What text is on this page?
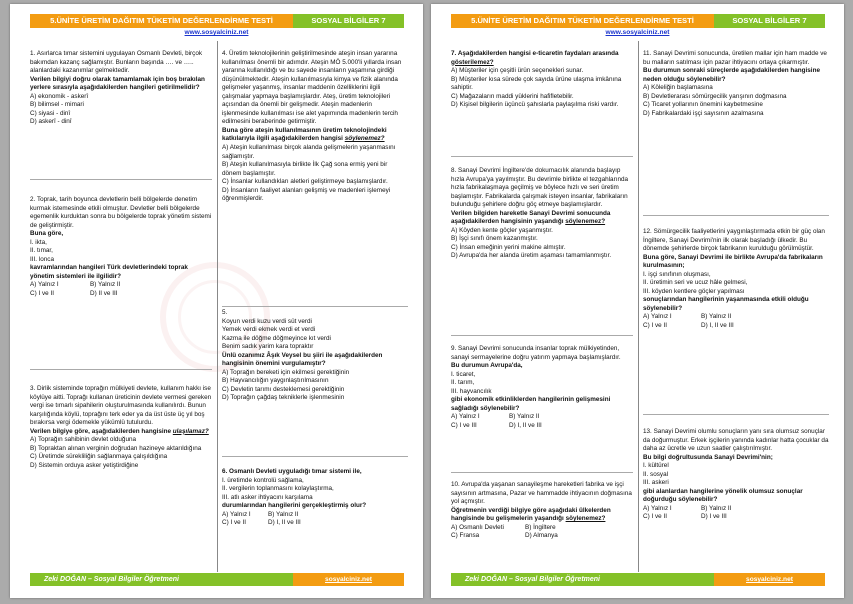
5.ÜNİTE ÜRETİM DAĞITIM TÜKETİM DEĞERLENDİRME TESTİ	SOSYAL BİLGİLER 7
www.sosyalciniz.net

1. Asırlarca tımar sistemini uygulayan Osmanlı Devleti, birçok bakımdan kazanç sağlamıştır. Bunların başında …. ve ….. alanlardaki kazanımlar gelmektedir.

Verilen bilgiyi doğru olarak tamamlamak için boş bırakılan yerlere sırasıyla aşağıdakilerden hangileri getirilmelidir?

A) ekonomik - askerî

B) bilimsel - mimari

C) siyasi - dinî

D) askerî - dinî

2. Toprak, tarih boyunca devletlerin belli bölgelerde denetim kurmak istemesinde etkili olmuştur. Devletler belli bölgelerde egemenlik kurduktan sonra bu bölgelerde toprak yönetim sistemi de geliştirmiştir.

Buna göre,

I. ikta,

II. tımar,

III. lonca

kavramlarından hangileri Türk devletlerindeki toprak yönetim sistemleri ile ilgilidir?

A) Yalnız I	B) Yalnız II
C) I ve II	D) II ve III

3. Dirlik sisteminde toprağın mülkiyeti devlete, kullanım hakkı ise köylüye aitti. Toprağı kullanan üreticinin devlete vermesi gereken vergi ise tımarlı sipahilerin oluşturulmasında kullanılırdı. Bunun karşılığında köylü, toprağını terk eder ya da üst üste üç yıl boş bırakırsa vergi ödemekle yükümlü tutulurdu.

Verilen bilgiye göre, aşağıdakilerden hangisine ulaşılamaz?

A) Toprağın sahibinin devlet olduğuna

B) Topraktan alınan verginin doğrudan hazineye aktarıldığına

C) Üretimde sürekliliğin sağlanmaya çalışıldığına

D) Sistemin orduya asker yetiştirdiğine

4. Üretim teknolojilerinin geliştirilmesinde ateşin insan yararına kullanılması önemli bir adımdır. Ateşin MÖ 5.000'li yıllarda insan yararına kullanıldığı ve bu sayede insanların yaşamına girdiği düşünülmektedir. Ateşin kullanılmasıyla kimya ve fizik alanında gelişmeler yaşanmış, insanlar maddenin özelliklerini ilgili çalışmalar yapmaya başlamışlardır. Ateş, üretim teknolojileri açısından da önemli bir gelişmedir. Ateşin madenlerin işlenmesinde kullanılması ise alet yapımında madenlerin tercih edilmesini beraberinde getirmiştir.

Buna göre ateşin kullanılmasının üretim teknolojindeki katkılarıyla ilgili aşağıdakilerden hangisi söylenemez?

A) Ateşin kullanılması birçok alanda gelişmelerin yaşanmasını sağlamıştır.

B) Ateşin kullanılmasıyla birlikte İlk Çağ sona ermiş yeni bir dönem başlamıştır.

C) İnsanlar kullandıkları aletleri geliştirmeye başlamışlardır.

D) İnsanların faaliyet alanları gelişmiş ve madenleri işlemeyi öğrenmişlerdir.

5.

Koyun verdi kuzu verdi süt verdi

Yemek verdi ekmek verdi et verdi

Kazma ile döğme döğmeyince kıt verdi

Benim sadık yarim kara topraktır

Ünlü ozanımız Âşık Veysel bu şiiri ile aşağıdakilerden hangisinin önemini vurgulamıştır?

A) Toprağın bereketi için ekilmesi gerektiğinin

B) Hayvancılığın yaygınlaştırılmasının

C) Devletin tarımı desteklemesi gerektiğinin

D) Toprağın çağdaş tekniklerle işlenmesinin

6. Osmanlı Devleti uyguladığı tımar sistemi ile,

I. üretimde kontrolü sağlama,

II. vergilerin toplanmasını kolaylaştırma,

III. atlı asker ihtiyacını karşılama

durumlarından hangilerini gerçekleştirmiş olur?

A) Yalnız I	B) Yalnız II
C) I ve II	D) I, II ve III
Zeki DOĞAN – Sosyal Bilgiler Öğretmeni	sosyalciniz.net
5.ÜNİTE ÜRETİM DAĞITIM TÜKETİM DEĞERLENDİRME TESTİ	SOSYAL BİLGİLER 7
www.sosyalciniz.net

7. Aşağıdakilerden hangisi e-ticaretin faydaları arasında gösterilemez?

A) Müşteriler için çeşitli ürün seçenekleri sunar.

B) Müşteriler kısa sürede çok sayıda ürüne ulaşma imkânına sahiptir.

C) Mağazaların maddi yüklerini hafifletebilir.

D) Kişisel bilgilerin üçüncü şahıslarla paylaşılma riski vardır.

8. Sanayi Devrimi İngiltere'de dokumacılık alanında başlayıp hızla Avrupa'ya yayılmıştır. Bu devrimle birlikte el tezgahlarında hızla fabrikalaşmaya geçilmiş ve böylece hızlı ve seri üretim başlamıştır. Fabrikalarda çalışmak isteyen insanlar, fabrikaların bulunduğu şehirlere doğru göç etmeye başlamışlardır.

Verilen bilgiden hareketle Sanayi Devrimi sonucunda aşağıdakilerden hangisinin yaşandığı söylenemez?

A) Köyden kente göçler yaşanmıştır.

B) İşçi sınıfı önem kazanmıştır.

C) İnsan emeğinin yerini makine almıştır.

D) Avrupa'da her alanda üretim aşaması tamamlanmıştır.

9. Sanayi Devrimi sonucunda insanlar toprak mülkiyetinden, sanayi sermayelerine doğru yatırım yapmaya başlamışlardır.

Bu durumun Avrupa'da,

I. ticaret,

II. tarım,

III. hayvancılık

gibi ekonomik etkinliklerden hangilerinin gelişmesini sağladığı söylenebilir?

A) Yalnız I	B) Yalnız II
C) I ve III	D) I, II ve III

10. Avrupa'da yaşanan sanayileşme hareketleri fabrika ve işçi sayısının artmasına, Pazar ve hammadde ihtiyacının doğmasına yol açmıştır.

Öğretmenin verdiği bilgiye göre aşağıdaki ülkelerden hangisinde bu gelişmelerin yaşandığı söylenemez?

A) Osmanlı Devleti	B) İngiltere
C) Fransa	D) Almanya

11. Sanayi Devrimi sonucunda, üretilen mallar için ham madde ve bu malların satılması için pazar ihtiyacını ortaya çıkarmıştır.

Bu durumun sonraki süreçlerde aşağıdakilerden hangisine neden olduğu söylenebilir?

A) Köleliğin başlamasına

B) Devletlerarası sömürgecilik yarışının doğmasına

C) Ticaret yollarının önemini kaybetmesine

D) Fabrikalardaki işçi sayısının azalmasına

12. Sömürgecilik faaliyetlerini yaygınlaştırmada etkin bir güç olan İngiltere, Sanayi Devrimi'nin ilk olarak başladığı ülkedir. Bu dönemde şehirlerde birçok fabrikanın kurulduğu görülmüştür.

Buna göre, Sanayi Devrimi ile birlikte Avrupa'da fabrikaların kurulmasının;

I. işçi sınıfının oluşması,

II. üretimin seri ve ucuz hâle gelmesi,

III. köyden kentlere göçler yapılması

sonuçlarından hangilerinin yaşanmasında etkili olduğu söylenebilir?

A) Yalnız I	B) Yalnız II
C) I ve II	D) I, II ve III

13. Sanayi Devrimi olumlu sonuçların yanı sıra olumsuz sonuçlar da doğurmuştur. Erkek işçilerin yanında kadınlar hatta çocuklar da daha az ücretle ve uzun saatler çalıştırılmıştır.

Bu bilgi doğrultusunda Sanayi Devrimi'nin;

I. kültürel

II. sosyal

III. askeri

gibi alanlardan hangilerine yönelik olumsuz sonuçlar doğurduğu söylenebilir?

A) Yalnız I	B) Yalnız II
C) I ve II	D) I ve III
Zeki DOĞAN – Sosyal Bilgiler Öğretmeni	sosyalciniz.net
